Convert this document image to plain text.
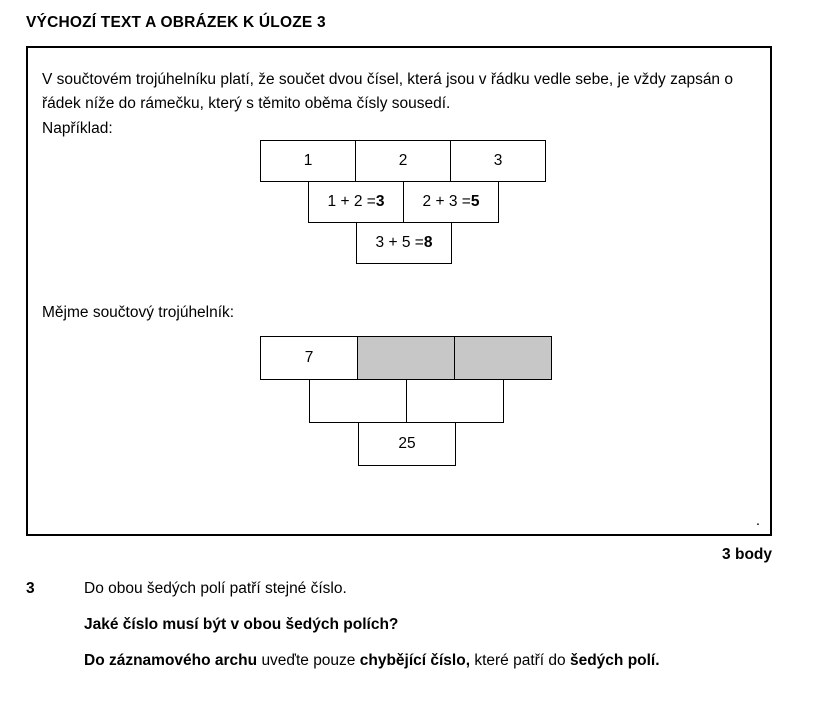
VÝCHOZÍ TEXT A OBRÁZEK K ÚLOZE 3
V součtovém trojúhelníku platí, že součet dvou čísel, která jsou v řádku vedle sebe, je vždy zapsán o řádek níže do rámečku, který s těmito oběma čísly sousedí.
Například:
1	2	3
1 + 2 = 3 2 + 3 = 5
3 + 5 = 8
Mějme součtový trojúhelník:
7
25
.
3 body
3	Do obou šedých polí patří stejné číslo.
Jaké číslo musí být v obou šedých polích?
Do záznamového archu uveďte pouze chybějící číslo, které patří do šedých polí.
